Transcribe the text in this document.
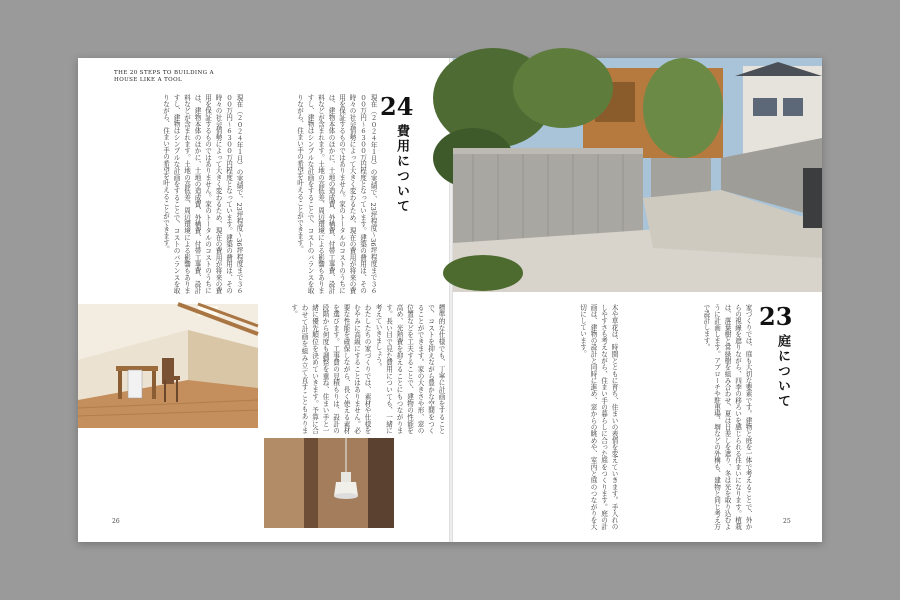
THE 20 STEPS TO BUILDING A HOUSE LIKE A TOOL
24
費用について
現在（２０２４年１月）の実績で、23坪程度〜36坪程度まで３６００万円〜６３００万円程度となっています。建築の費用は、その時々の社会情勢によって大きく変わるため、現在の費用が将来の費用を保証するものではありません。家のトータルのコストのうちには、建物本体のほかに、土地の造成費、外構費、付帯工事費、設計料などが含まれます。土地の高低差、周辺環境による影響もありますし、建物はシンプルな計画をすることで、コストのバランスを取りながら、住まい手の希望を叶えることができます。
現在（２０２４年１月）の実績で、23坪程度〜36坪程度まで３６００万円〜６３００万円程度となっています。建築の費用は、その時々の社会情勢によって大きく変わるため、現在の費用が将来の費用を保証するものではありません。家のトータルのコストのうちには、建物本体のほかに、土地の造成費、外構費、付帯工事費、設計料などが含まれます。土地の高低差、周辺環境による影響もありますし、建物はシンプルな計画をすることで、コストのバランスを取りながら、住まい手の希望を叶えることができます。
わたしたちの家づくりでは、素材や仕様をむやみに高級にすることはありません。必要な性能を確保しながら、長く使える素材を選びます。工事費の見積もりは、設計の段階から何度も調整を重ね、住まい手と一緒に優先順位を決めていきます。予算に合わせて計画を組み立て直すこともあります。	標準的な仕様でも、丁寧に計画をすることで、コストを抑えながら豊かな空間をつくることができます。家の大きさや形、窓の位置などを工夫することで、建物の性能を高め、光熱費を抑えることにもつながります。長い目で見た費用についても、一緒に考えていきましょう。
26
23
庭について
家づくりでは、庭も大切な要素です。建物と庭を一体で考えることで、外からの視線を遮りながら、四季の移ろいを感じられる住まいになります。植栽は、落葉樹と常緑樹を組み合わせ、夏は日差しを遮り、冬は光を取り込むように計画します。アプローチや駐車場、塀などの外構も、建物と同じ考え方で設計します。
木や草花は、時間とともに育ち、住まいの表情を変えていきます。手入れのしやすさも考えながら、住まい手の暮らしに合った庭をつくります。庭の計画は、建物の設計と同時に進め、窓からの眺めや、室内と庭のつながりを大切にしています。
25
